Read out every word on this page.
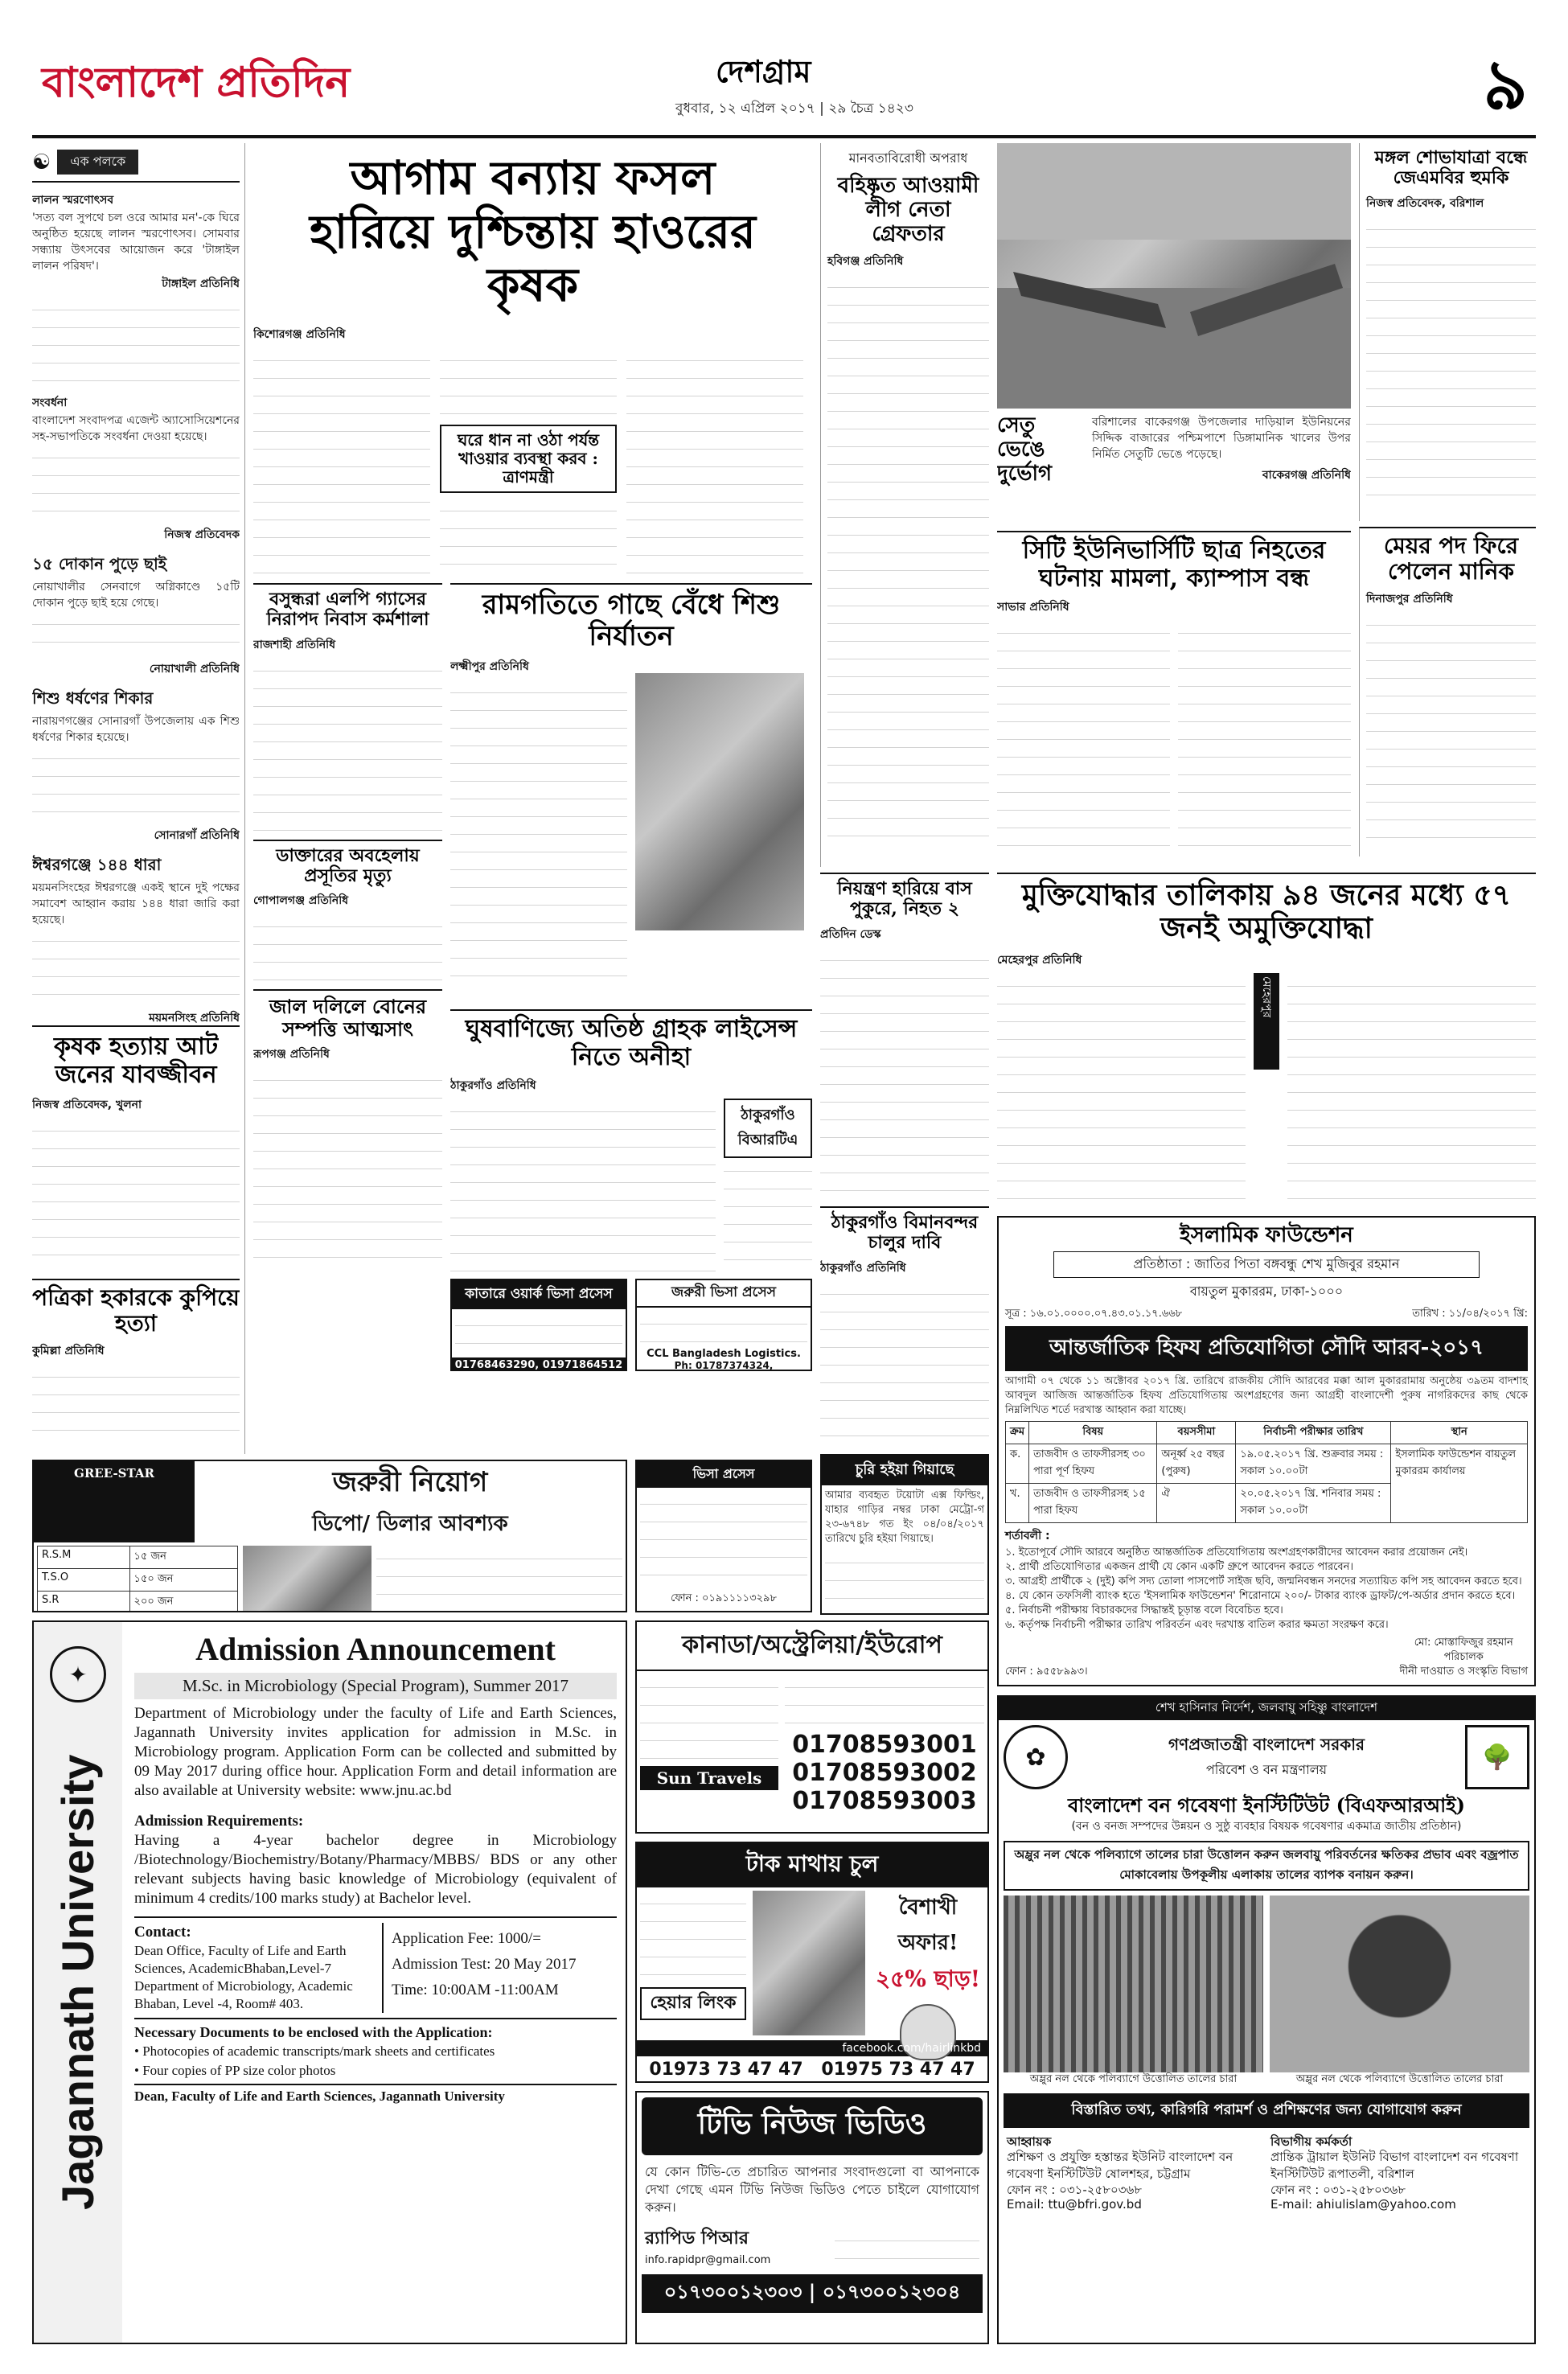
বাংলাদেশ প্রতিদিন	দেশগ্রাম
বুধবার, ১২ এপ্রিল ২০১৭ | ২৯ চৈত্র ১৪২৩	৯
☯	এক পলকে
লালন স্মরণোৎসব
'সত্য বল সুপথে চল ওরে আমার মন'-কে ঘিরে অনুষ্ঠিত হয়েছে লালন স্মরণোৎসব। সোমবার সন্ধ্যায় উৎসবের আয়োজন করে 'টাঙ্গাইল লালন পরিষদ'।
টাঙ্গাইল প্রতিনিধি
সংবর্ধনা
বাংলাদেশ সংবাদপত্র এজেন্ট অ্যাসোসিয়েশনের সহ-সভাপতিকে সংবর্ধনা দেওয়া হয়েছে।
নিজস্ব প্রতিবেদক
১৫ দোকান পুড়ে ছাই
নোয়াখালীর সেনবাগে অগ্নিকাণ্ডে ১৫টি দোকান পুড়ে ছাই হয়ে গেছে।
নোয়াখালী প্রতিনিধি
শিশু ধর্ষণের শিকার
নারায়ণগঞ্জের সোনারগাঁ উপজেলায় এক শিশু ধর্ষণের শিকার হয়েছে।
সোনারগাঁ প্রতিনিধি
ঈশ্বরগঞ্জে ১৪৪ ধারা
ময়মনসিংহের ঈশ্বরগঞ্জে একই স্থানে দুই পক্ষের সমাবেশ আহ্বান করায় ১৪৪ ধারা জারি করা হয়েছে।
ময়মনসিংহ প্রতিনিধি
কৃষক হত্যায় আট জনের যাবজ্জীবন
নিজস্ব প্রতিবেদক, খুলনা
পত্রিকা হকারকে কুপিয়ে হত্যা
কুমিল্লা প্রতিনিধি
আগাম বন্যায় ফসল হারিয়ে দুশ্চিন্তায় হাওরের কৃষক
কিশোরগঞ্জ প্রতিনিধি
ঘরে ধান না ওঠা পর্যন্ত খাওয়ার ব্যবস্থা করব : ত্রাণমন্ত্রী
মানবতাবিরোধী অপরাধ
বহিষ্কৃত আওয়ামী লীগ নেতা গ্রেফতার
হবিগঞ্জ প্রতিনিধি
সেতু ভেঙে দুর্ভোগ
বরিশালের বাকেরগঞ্জ উপজেলার দাড়িয়াল ইউনিয়নের সিদ্দিক বাজারের পশ্চিমপাশে ডিঙ্গামানিক খালের উপর নির্মিত সেতুটি ভেঙে পড়েছে।
বাকেরগঞ্জ প্রতিনিধি
মঙ্গল শোভাযাত্রা বন্ধে জেএমবির হুমকি
নিজস্ব প্রতিবেদক, বরিশাল
মেয়র পদ ফিরে পেলেন মানিক
দিনাজপুর প্রতিনিধি
সিটি ইউনিভার্সিটি ছাত্র নিহতের ঘটনায় মামলা, ক্যাম্পাস বন্ধ
সাভার প্রতিনিধি
বসুন্ধরা এলপি গ্যাসের নিরাপদ নিবাস কর্মশালা
রাজশাহী প্রতিনিধি
ডাক্তারের অবহেলায় প্রসূতির মৃত্যু
গোপালগঞ্জ প্রতিনিধি
রামগতিতে গাছে বেঁধে শিশু নির্যাতন
লক্ষ্মীপুর প্রতিনিধি
নিয়ন্ত্রণ হারিয়ে বাস পুকুরে, নিহত ২
প্রতিদিন ডেস্ক
মুক্তিযোদ্ধার তালিকায় ৯৪ জনের মধ্যে ৫৭ জনই অমুক্তিযোদ্ধা
মেহেরপুর প্রতিনিধি
মেহেরপুর
ঘুষবাণিজ্যে অতিষ্ঠ গ্রাহক লাইসেন্স নিতে অনীহা
ঠাকুরগাঁও প্রতিনিধি
ঠাকুরগাঁও বিআরটিএ
জাল দলিলে বোনের সম্পত্তি আত্মসাৎ
রূপগঞ্জ প্রতিনিধি
ঠাকুরগাঁও বিমানবন্দর চালুর দাবি
ঠাকুরগাঁও প্রতিনিধি
কাতারে ওয়ার্ক ভিসা প্রসেস
01768463290, 01971864512
জরুরী ভিসা প্রসেস
CCL Bangladesh Logistics.
Ph: 01787374324,
GREE-STAR	জরুরী নিয়োগ
ডিপো/ ডিলার আবশ্যক
R.S.M	১৫ জন
T.S.O	১৫০ জন
S.R	২০০ জন

ভিসা প্রসেস
ফোন : ০১৯১১১১৩২৯৮
চুরি হইয়া গিয়াছে
আমার ব্যবহৃত টয়োটা এক্স ফিল্ডিং, যাহার গাড়ির নম্বর ঢাকা মেট্রো-গ ২৩-৬৭৪৮ গত ইং ০৪/০৪/২০১৭ তারিখে চুরি হইয়া গিয়াছে।
ইসলামিক ফাউন্ডেশন
প্রতিষ্ঠাতা : জাতির পিতা বঙ্গবন্ধু শেখ মুজিবুর রহমান
বায়তুল মুকাররম, ঢাকা-১০০০
সূত্র : ১৬.০১.০০০০.০৭.৪৩.০১.১৭.৬৬৮	তারিখ : ১১/০৪/২০১৭ খ্রি:
আন্তর্জাতিক হিফয প্রতিযোগিতা সৌদি আরব-২০১৭
আগামী ০৭ থেকে ১১ অক্টোবর ২০১৭ খ্রি. তারিখে রাজকীয় সৌদি আরবের মক্কা আল মুকাররামায় অনুষ্ঠেয় ৩৯তম বাদশাহ আবদুল আজিজ আন্তর্জাতিক হিফয প্রতিযোগিতায় অংশগ্রহণের জন্য আগ্রহী বাংলাদেশী পুরুষ নাগরিকদের কাছ থেকে নিম্নলিখিত শর্তে দরখাস্ত আহ্বান করা যাচ্ছে।
ক্রম	বিষয়	বয়সসীমা	নির্বাচনী পরীক্ষার তারিখ	স্থান
ক.	তাজবীদ ও তাফসীরসহ ৩০ পারা পূর্ণ হিফয	অনূর্ধ্ব ২৫ বছর (পুরুষ)	১৯.০৫.২০১৭ খ্রি. শুক্রবার সময় : সকাল ১০.০০টা	ইসলামিক ফাউন্ডেশন বায়তুল মুকাররম কার্যালয়
খ.	তাজবীদ ও তাফসীরসহ ১৫ পারা হিফয	ঐ	২০.০৫.২০১৭ খ্রি. শনিবার সময় : সকাল ১০.০০টা	
শর্তাবলী :
১. ইতোপূর্বে সৌদি আরবে অনুষ্ঠিত আন্তর্জাতিক প্রতিযোগিতায় অংশগ্রহণকারীদের আবেদন করার প্রয়োজন নেই।
২. প্রার্থী প্রতিযোগিতার একজন প্রার্থী যে কোন একটি গ্রুপে আবেদন করতে পারবেন।
৩. আগ্রহী প্রার্থীকে ২ (দুই) কপি সদ্য তোলা পাসপোর্ট সাইজ ছবি, জন্মনিবন্ধন সনদের সত্যায়িত কপি সহ আবেদন করতে হবে।
৪. যে কোন তফসিলী ব্যাংক হতে 'ইসলামিক ফাউন্ডেশন' শিরোনামে ২০০/- টাকার ব্যাংক ড্রাফট/পে-অর্ডার প্রদান করতে হবে।
৫. নির্বাচনী পরীক্ষায় বিচারকদের সিদ্ধান্তই চূড়ান্ত বলে বিবেচিত হবে।
৬. কর্তৃপক্ষ নির্বাচনী পরীক্ষার তারিখ পরিবর্তন এবং দরখাস্ত বাতিল করার ক্ষমতা সংরক্ষণ করে।
ফোন : ৯৫৫৮৯৯৩।
মো: মোস্তাফিজুর রহমান
পরিচালক
দীনী দাওয়াত ও সংস্কৃতি বিভাগ
Jagannath University
✦
Admission Announcement
M.Sc. in Microbiology (Special Program), Summer 2017
Department of Microbiology under the faculty of Life and Earth Sciences, Jagannath University invites application for admission in M.Sc. in Microbiology program. Application Form can be collected and submitted by 09 May 2017 during office hour. Application Form and detail information are also available at University website: www.jnu.ac.bd
Admission Requirements:
Having a 4-year bachelor degree in Microbiology /Biotechnology/Biochemistry/Botany/Pharmacy/MBBS/ BDS or any other relevant subjects having basic knowledge of Microbiology (equivalent of minimum 4 credits/100 marks study) at Bachelor level.
Contact:
Dean Office, Faculty of Life and Earth Sciences, AcademicBhaban,Level-7
Department of Microbiology, Academic Bhaban, Level -4, Room# 403.
Application Fee: 1000/=
Admission Test: 20 May 2017
Time: 10:00AM -11:00AM
Necessary Documents to be enclosed with the Application:
• Photocopies of academic transcripts/mark sheets and certificates
• Four copies of PP size color photos
Dean, Faculty of Life and Earth Sciences, Jagannath University
কানাডা/অস্ট্রেলিয়া/ইউরোপ
Sun Travels
01708593001
01708593002
01708593003
টাক মাথায় চুল
হেয়ার লিংক
বৈশাখী অফার!
২৫% ছাড়!
facebook.com/hairlinkbd
01973 73 47 47 01975 73 47 47
টিভি নিউজ ভিডিও
যে কোন টিভি-তে প্রচারিত আপনার সংবাদগুলো বা আপনাকে দেখা গেছে এমন টিভি নিউজ ভিডিও পেতে চাইলে যোগাযোগ করুন।
র‍্যাপিড পিআর
info.rapidpr@gmail.com
০১৭৩০০১২৩০৩ | ০১৭৩০০১২৩০৪
শেখ হাসিনার নির্দেশ, জলবায়ু সহিষ্ণু বাংলাদেশ
✿	গণপ্রজাতন্ত্রী বাংলাদেশ সরকার
পরিবেশ ও বন মন্ত্রণালয়	🌳
বাংলাদেশ বন গবেষণা ইনস্টিটিউট (বিএফআরআই)
(বন ও বনজ সম্পদের উন্নয়ন ও সুষ্ঠু ব্যবহার বিষয়ক গবেষণার একমাত্র জাতীয় প্রতিষ্ঠান)
অম্লুর নল থেকে পলিব্যাগে তালের চারা উত্তোলন করুন জলবায়ু পরিবর্তনের ক্ষতিকর প্রভাব এবং বজ্রপাত মোকাবেলায় উপকূলীয় এলাকায় তালের ব্যাপক বনায়ন করুন।
অম্লুর নল থেকে পলিব্যাগে উত্তোলিত তালের চারা	অম্লুর নল থেকে পলিব্যাগে উত্তোলিত তালের চারা
বিস্তারিত তথ্য, কারিগরি পরামর্শ ও প্রশিক্ষণের জন্য যোগাযোগ করুন
আহ্বায়ক
প্রশিক্ষণ ও প্রযুক্তি হস্তান্তর ইউনিট বাংলাদেশ বন গবেষণা ইনস্টিটিউট ষোলশহর, চট্টগ্রাম
ফোন নং : ০৩১-২৫৮০৩৬৮
Email: ttu@bfri.gov.bd
বিভাগীয় কর্মকর্তা
প্রান্তিক ট্রায়াল ইউনিট বিভাগ বাংলাদেশ বন গবেষণা ইনস্টিটিউট রূপাতলী, বরিশাল
ফোন নং : ০৩১-২৫৮০৩৬৮
E-mail: ahiulislam@yahoo.com
